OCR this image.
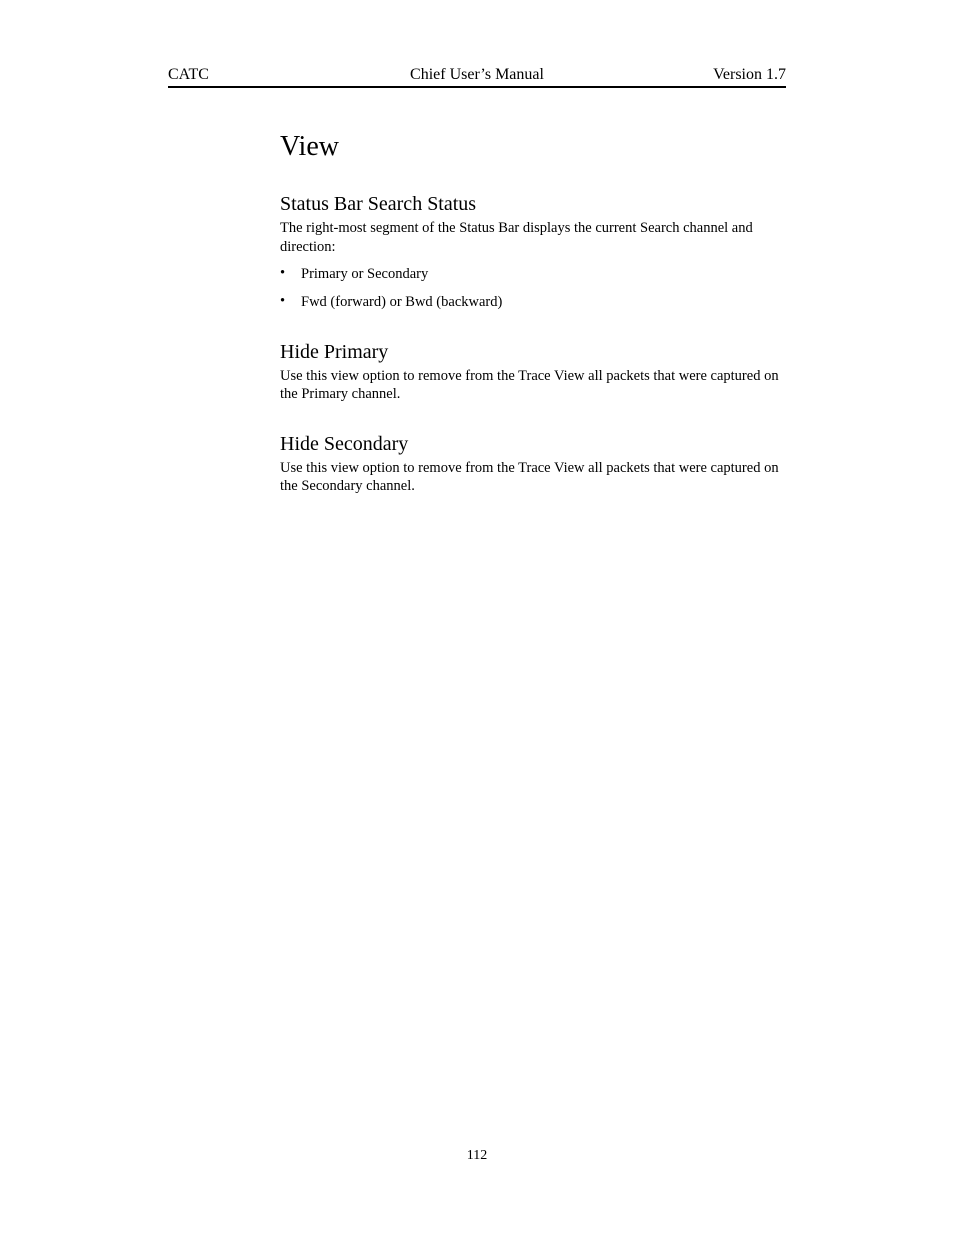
CATC	Chief User’s Manual	Version 1.7
View
Status Bar Search Status

The right-most segment of the Status Bar displays the current Search channel and direction:

• Primary or Secondary
• Fwd (forward) or Bwd (backward)
Hide Primary

Use this view option to remove from the Trace View all packets that were captured on the Primary channel.

Hide Secondary

Use this view option to remove from the Trace View all packets that were captured on the Secondary channel.

112
